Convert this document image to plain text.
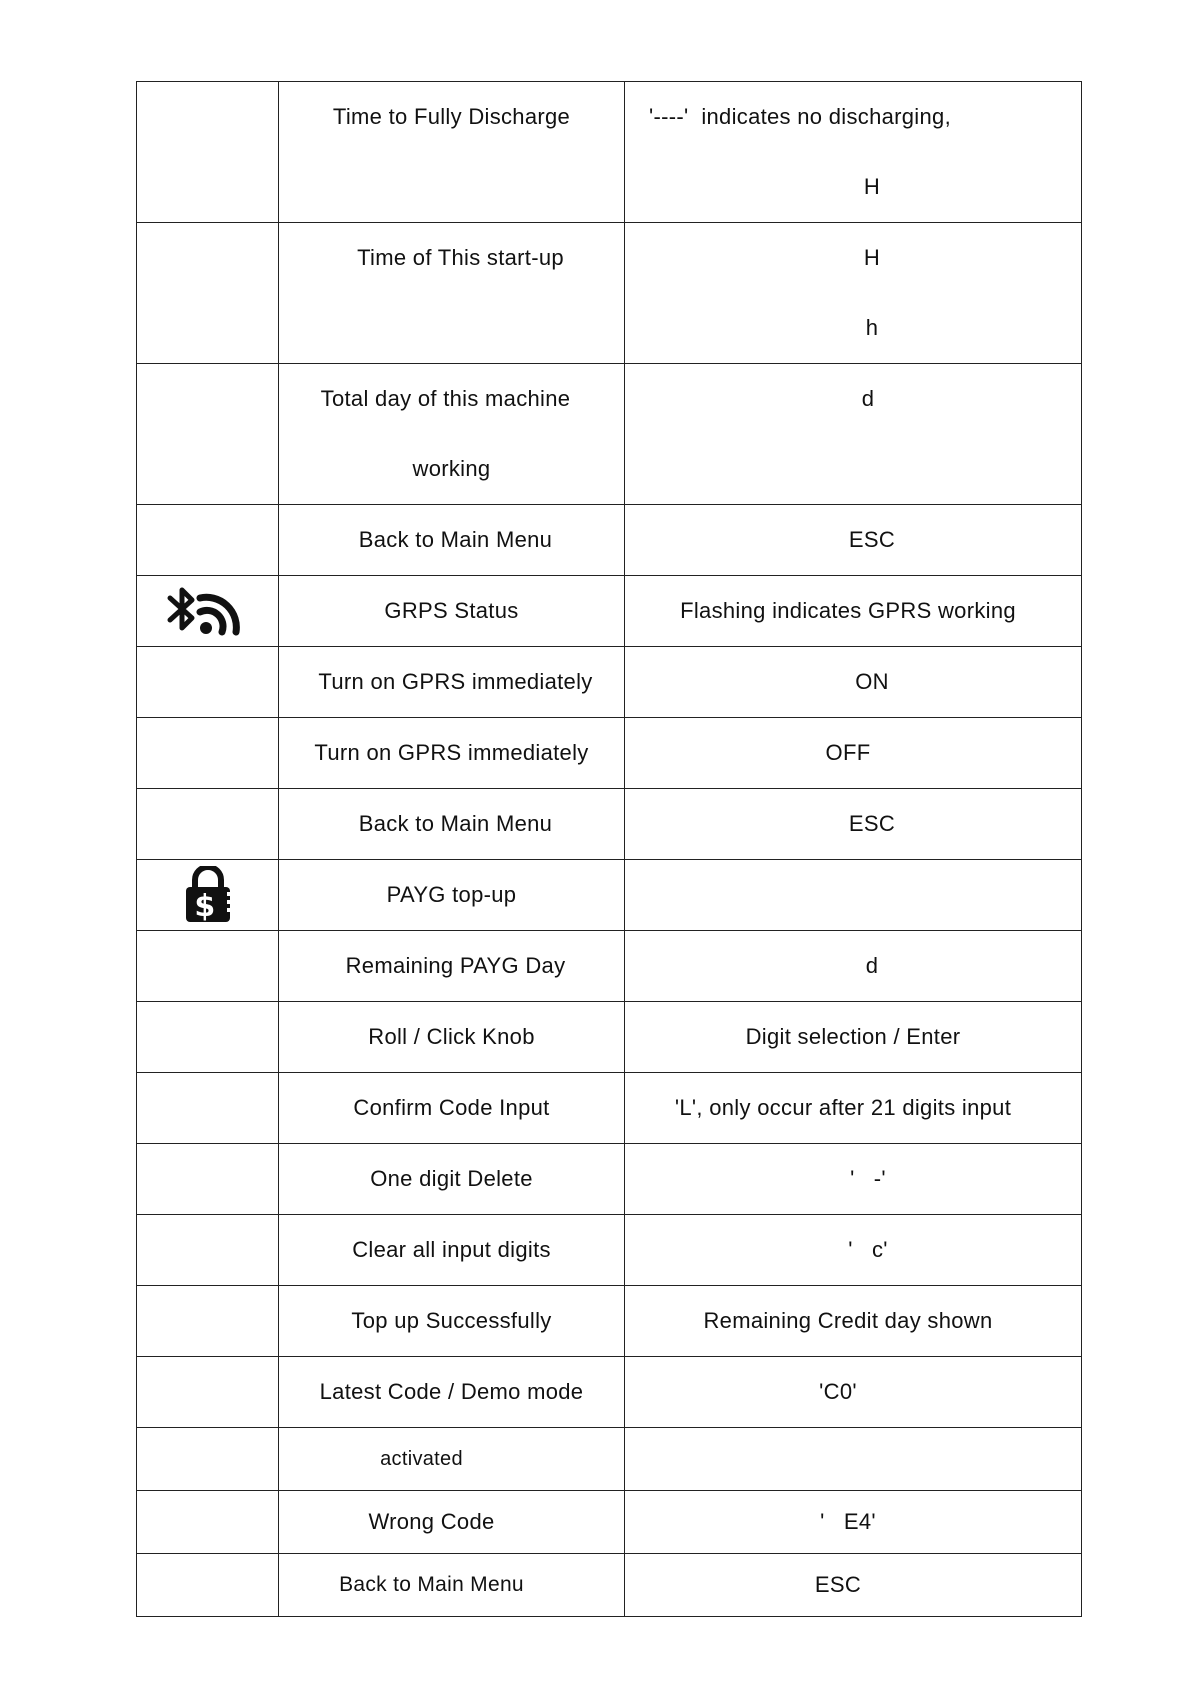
	Time to Fully Discharge	'----'  indicates no discharging,
H

	Time of This start-up	H
h

	Total day of this machine
working	d

	Back to Main Menu	ESC

GRPS Status	Flashing indicates GPRS working

	Turn on GPRS immediately	ON

	Turn on GPRS immediately	OFF

	Back to Main Menu	ESC

$	PAYG top-up	

	Remaining PAYG Day	d

	Roll / Click Knob	Digit selection / Enter

	Confirm Code Input	'L', only occur after 21 digits input

	One digit Delete	'   -'

	Clear all input digits	'   c'

	Top up Successfully	Remaining Credit day shown

	Latest Code / Demo mode	'C0'

	activated	

	Wrong Code	'   E4'

	Back to Main Menu	ESC
